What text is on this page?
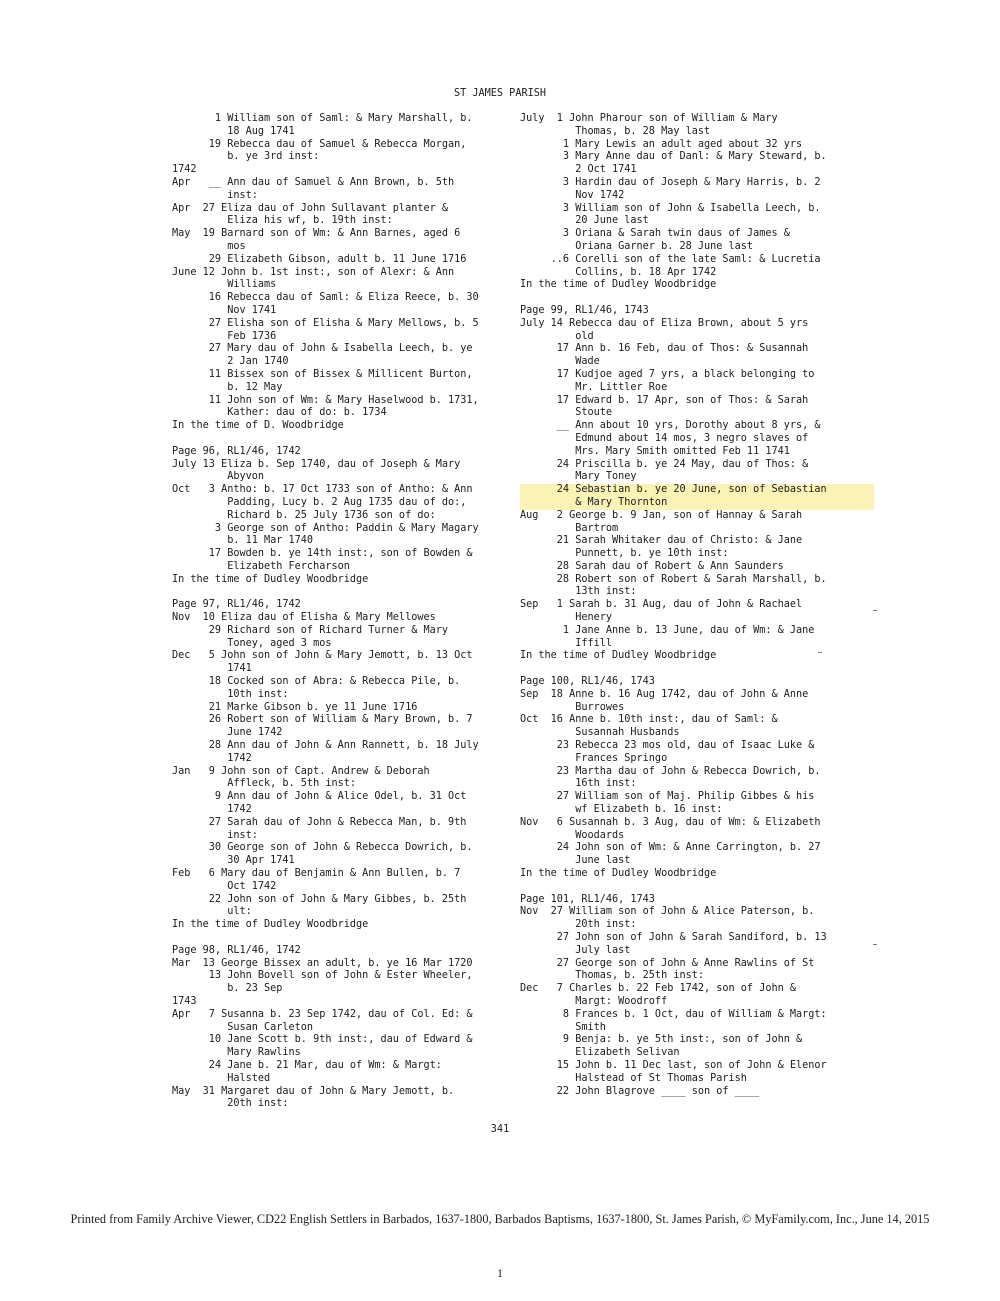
ST JAMES PARISH
1 William son of Saml: & Mary Marshall, b.
18 Aug 1741
19 Rebecca dau of Samuel & Rebecca Morgan,
b. ye 3rd inst:
1742
Apr   __ Ann dau of Samuel & Ann Brown, b. 5th
inst:
Apr  27 Eliza dau of John Sullavant planter &
Eliza his wf, b. 19th inst:
May  19 Barnard son of Wm: & Ann Barnes, aged 6
mos
29 Elizabeth Gibson, adult b. 11 June 1716
June 12 John b. 1st inst:, son of Alexr: & Ann
Williams
16 Rebecca dau of Saml: & Eliza Reece, b. 30
Nov 1741
27 Elisha son of Elisha & Mary Mellows, b. 5
Feb 1736
27 Mary dau of John & Isabella Leech, b. ye
2 Jan 1740
11 Bissex son of Bissex & Millicent Burton,
b. 12 May
11 John son of Wm: & Mary Haselwood b. 1731,
Kather: dau of do: b. 1734
In the time of D. Woodbridge
Page 96, RL1/46, 1742
July 13 Eliza b. Sep 1740, dau of Joseph & Mary
Abyvon
Oct   3 Antho: b. 17 Oct 1733 son of Antho: & Ann
Padding, Lucy b. 2 Aug 1735 dau of do:,
Richard b. 25 July 1736 son of do:
3 George son of Antho: Paddin & Mary Magary
b. 11 Mar 1740
17 Bowden b. ye 14th inst:, son of Bowden &
Elizabeth Fercharson
In the time of Dudley Woodbridge
Page 97, RL1/46, 1742
Nov  10 Eliza dau of Elisha & Mary Mellowes
29 Richard son of Richard Turner & Mary
Toney, aged 3 mos
Dec   5 John son of John & Mary Jemott, b. 13 Oct
1741
18 Cocked son of Abra: & Rebecca Pile, b.
10th inst:
21 Marke Gibson b. ye 11 June 1716
26 Robert son of William & Mary Brown, b. 7
June 1742
28 Ann dau of John & Ann Rannett, b. 18 July
1742
Jan   9 John son of Capt. Andrew & Deborah
Affleck, b. 5th inst:
9 Ann dau of John & Alice Odel, b. 31 Oct
1742
27 Sarah dau of John & Rebecca Man, b. 9th
inst:
30 George son of John & Rebecca Dowrich, b.
30 Apr 1741
Feb   6 Mary dau of Benjamin & Ann Bullen, b. 7
Oct 1742
22 John son of John & Mary Gibbes, b. 25th
ult:
In the time of Dudley Woodbridge
Page 98, RL1/46, 1742
Mar  13 George Bissex an adult, b. ye 16 Mar 1720
13 John Bovell son of John & Ester Wheeler,
b. 23 Sep
1743
Apr   7 Susanna b. 23 Sep 1742, dau of Col. Ed: &
Susan Carleton
10 Jane Scott b. 9th inst:, dau of Edward &
Mary Rawlins
24 Jane b. 21 Mar, dau of Wm: & Margt:
Halsted
May  31 Margaret dau of John & Mary Jemott, b.
20th inst:
July  1 John Pharour son of William & Mary
Thomas, b. 28 May last
1 Mary Lewis an adult aged about 32 yrs
3 Mary Anne dau of Danl: & Mary Steward, b.
2 Oct 1741
3 Hardin dau of Joseph & Mary Harris, b. 2
Nov 1742
3 William son of John & Isabella Leech, b.
20 June last
3 Oriana & Sarah twin daus of James &
Oriana Garner b. 28 June last
..6 Corelli son of the late Saml: & Lucretia
Collins, b. 18 Apr 1742
In the time of Dudley Woodbridge
Page 99, RL1/46, 1743
July 14 Rebecca dau of Eliza Brown, about 5 yrs
old
17 Ann b. 16 Feb, dau of Thos: & Susannah
Wade
17 Kudjoe aged 7 yrs, a black belonging to
Mr. Littler Roe
17 Edward b. 17 Apr, son of Thos: & Sarah
Stoute
__ Ann about 10 yrs, Dorothy about 8 yrs, &
Edmund about 14 mos, 3 negro slaves of
Mrs. Mary Smith omitted Feb 11 1741
24 Priscilla b. ye 24 May, dau of Thos: &
Mary Toney
24 Sebastian b. ye 20 June, son of Sebastian
& Mary Thornton
Aug   2 George b. 9 Jan, son of Hannay & Sarah
Bartrom
21 Sarah Whitaker dau of Christo: & Jane
Punnett, b. ye 10th inst:
28 Sarah dau of Robert & Ann Saunders
28 Robert son of Robert & Sarah Marshall, b.
13th inst:
Sep   1 Sarah b. 31 Aug, dau of John & Rachael
Henery
1 Jane Anne b. 13 June, dau of Wm: & Jane
Iffill
In the time of Dudley Woodbridge
Page 100, RL1/46, 1743
Sep  18 Anne b. 16 Aug 1742, dau of John & Anne
Burrowes
Oct  16 Anne b. 10th inst:, dau of Saml: &
Susannah Husbands
23 Rebecca 23 mos old, dau of Isaac Luke &
Frances Springo
23 Martha dau of John & Rebecca Dowrich, b.
16th inst:
27 William son of Maj. Philip Gibbes & his
wf Elizabeth b. 16 inst:
Nov   6 Susannah b. 3 Aug, dau of Wm: & Elizabeth
Woodards
24 John son of Wm: & Anne Carrington, b. 27
June last
In the time of Dudley Woodbridge
Page 101, RL1/46, 1743
Nov  27 William son of John & Alice Paterson, b.
20th inst:
27 John son of John & Sarah Sandiford, b. 13
July last
27 George son of John & Anne Rawlins of St
Thomas, b. 25th inst:
Dec   7 Charles b. 22 Feb 1742, son of John &
Margt: Woodroff
8 Frances b. 1 Oct, dau of William & Margt:
Smith
9 Benja: b. ye 5th inst:, son of John &
Elizabeth Selivan
15 John b. 11 Dec last, son of John & Elenor
Halstead of St Thomas Parish
22 John Blagrove ____ son of ____
341
Printed from Family Archive Viewer, CD22 English Settlers in Barbados, 1637-1800, Barbados Baptisms, 1637-1800, St. James Parish, © MyFamily.com, Inc., June 14, 2015
1
